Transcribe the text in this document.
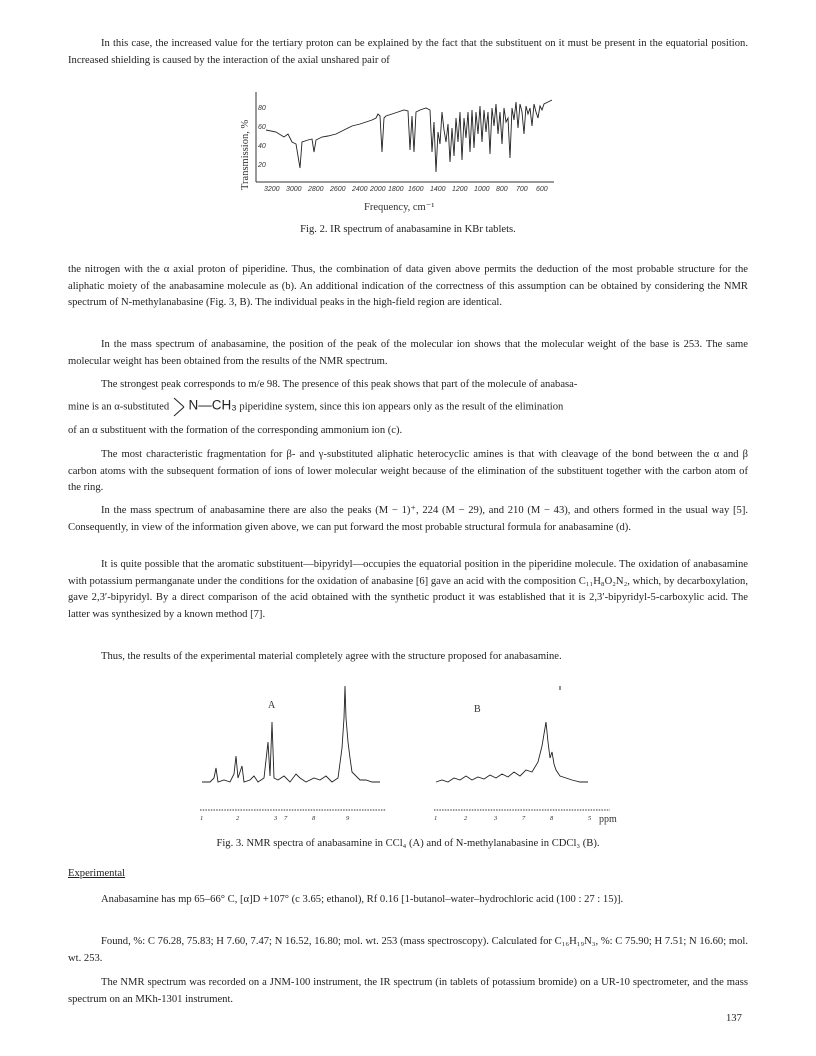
In this case, the increased value for the tertiary proton can be explained by the fact that the substituent on it must be present in the equatorial position. Increased shielding is caused by the interaction of the axial unshared pair of

Transmission, %
80
60
40
20
3200 3000 2800 2600 2400 2000 1800 1600 1400 1200 1000 800 700 600
Frequency, cm⁻¹

Fig. 2. IR spectrum of anabasamine in KBr tablets.

the nitrogen with the α axial proton of piperidine. Thus, the combination of data given above permits the deduction of the most probable structure for the aliphatic moiety of the anabasamine molecule as (b). An additional indication of the correctness of this assumption can be obtained by considering the NMR spectrum of N-methylanabasine (Fig. 3, B). The individual peaks in the high-field region are identical.

In the mass spectrum of anabasamine, the position of the peak of the molecular ion shows that the molecular weight of the base is 253. The same molecular weight has been obtained from the results of the NMR spectrum.

The strongest peak corresponds to m/e 98. The presence of this peak shows that part of the molecule of anabasa-

mine is an α-substituted N—CH₃ piperidine system, since this ion appears only as the result of the elimination

of an α substituent with the formation of the corresponding ammonium ion (c).

The most characteristic fragmentation for β- and γ-substituted aliphatic heterocyclic amines is that with cleavage of the bond between the α and β carbon atoms with the subsequent formation of ions of lower molecular weight because of the elimination of the substituent together with the carbon atom of the ring.

In the mass spectrum of anabasamine there are also the peaks (M − 1)⁺, 224 (M − 29), and 210 (M − 43), and others formed in the usual way [5]. Consequently, in view of the information given above, we can put forward the most probable structural formula for anabasamine (d).

It is quite possible that the aromatic substituent—bipyridyl—occupies the equatorial position in the piperidine molecule. The oxidation of anabasamine with potassium permanganate under the conditions for the oxidation of anabasine [6] gave an acid with the composition C₁₁H₈O₂N₂, which, by decarboxylation, gave 2,3′-bipyridyl. By a direct comparison of the acid obtained with the synthetic product it was established that it is 2,3′-bipyridyl-5-carboxylic acid. The latter was synthesized by a known method [7].

Thus, the results of the experimental material completely agree with the structure proposed for anabasamine.

A	B
1	2	3 7	8	9	1	2	3	7	8	5 ppm

Fig. 3. NMR spectra of anabasamine in CCl₄ (A) and of N-methylanabasine in CDCl₃ (B).

Experimental

Anabasamine has mp 65–66° C, [α]D +107° (c 3.65; ethanol), Rf 0.16 [1-butanol–water–hydrochloric acid (100 : 27 : 15)].

Found, %: C 76.28, 75.83; H 7.60, 7.47; N 16.52, 16.80; mol. wt. 253 (mass spectroscopy). Calculated for C₁₆H₁₉N₃, %: C 75.90; H 7.51; N 16.60; mol. wt. 253.

The NMR spectrum was recorded on a JNM-100 instrument, the IR spectrum (in tablets of potassium bromide) on a UR-10 spectrometer, and the mass spectrum on an MKh-1301 instrument.

137
